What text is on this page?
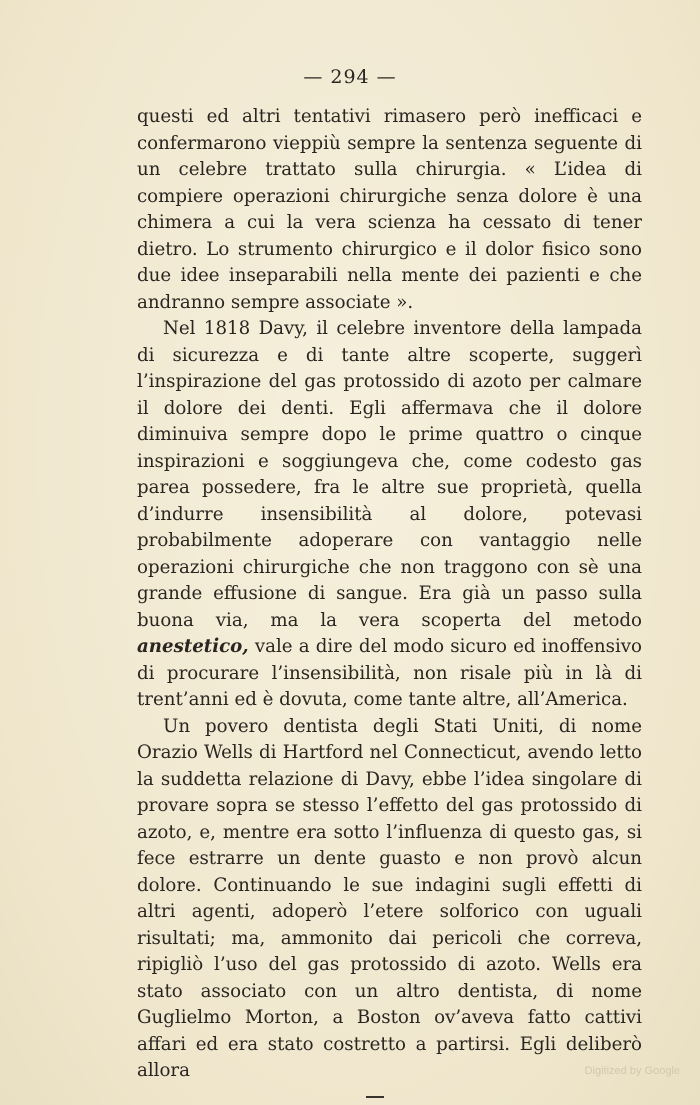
— 294 —

questi ed altri tentativi rimasero però inefficaci e confermarono vieppiù sempre la sentenza seguente di un celebre trattato sulla chirurgia. « L’idea di compiere operazioni chirurgiche senza dolore è una chimera a cui la vera scienza ha cessato di tener dietro. Lo strumento chirurgico e il dolor fisico sono due idee inseparabili nella mente dei pazienti e che andranno sempre associate ».

Nel 1818 Davy, il celebre inventore della lampada di sicurezza e di tante altre scoperte, suggerì l’inspirazione del gas protossido di azoto per calmare il dolore dei denti. Egli affermava che il dolore diminuiva sempre dopo le prime quattro o cinque inspirazioni e soggiungeva che, come codesto gas parea possedere, fra le altre sue proprietà, quella d’indurre insensibilità al dolore, potevasi probabilmente adoperare con vantaggio nelle operazioni chirurgiche che non traggono con sè una grande effusione di sangue. Era già un passo sulla buona via, ma la vera scoperta del metodo anestetico, vale a dire del modo sicuro ed inoffensivo di procurare l’insensibilità, non risale più in là di trent’anni ed è dovuta, come tante altre, all’America.

Un povero dentista degli Stati Uniti, di nome Orazio Wells di Hartford nel Connecticut, avendo letto la suddetta relazione di Davy, ebbe l’idea singolare di provare sopra se stesso l’effetto del gas protossido di azoto, e, mentre era sotto l’influenza di questo gas, si fece estrarre un dente guasto e non provò alcun dolore. Continuando le sue indagini sugli effetti di altri agenti, adoperò l’etere solforico con uguali risultati; ma, ammonito dai pericoli che correva, ripigliò l’uso del gas protossido di azoto. Wells era stato associato con un altro dentista, di nome Guglielmo Morton, a Boston ov’aveva fatto cattivi affari ed era stato costretto a partirsi. Egli deliberò allora	Digitized by Google
